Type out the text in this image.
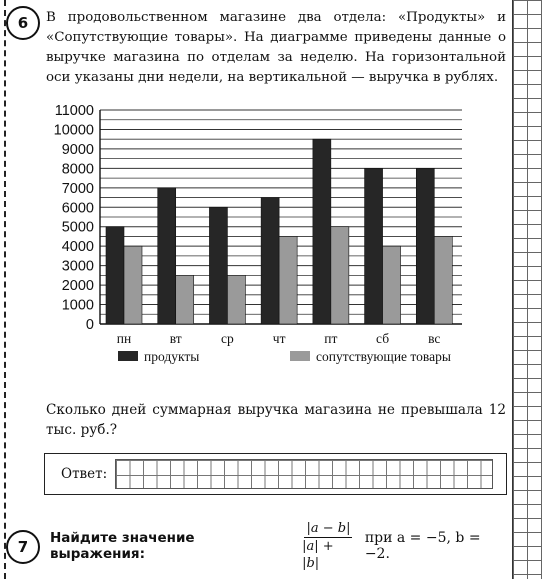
6	В продовольственном магазине два отдела: «Продукты» и «Сопутствующие товары». На диаграмме приведены данные о выручке магазина по отделам за неделю. На горизонтальной оси указаны дни недели, на вертикальной — выручка в рублях.
0
1000
2000
3000
4000
5000
6000
7000
8000
9000
10000
11000
пн	вт	ср	чт	пт	сб	вс
продукты	сопутствующие товары
Сколько дней суммарная выручка магазина не превышала 12 тыс. руб.?
Ответ:
7	Найдите значение выражения:	$\frac{|a - b|}{|a| + |b|}$ при a = −5, b = −2.
